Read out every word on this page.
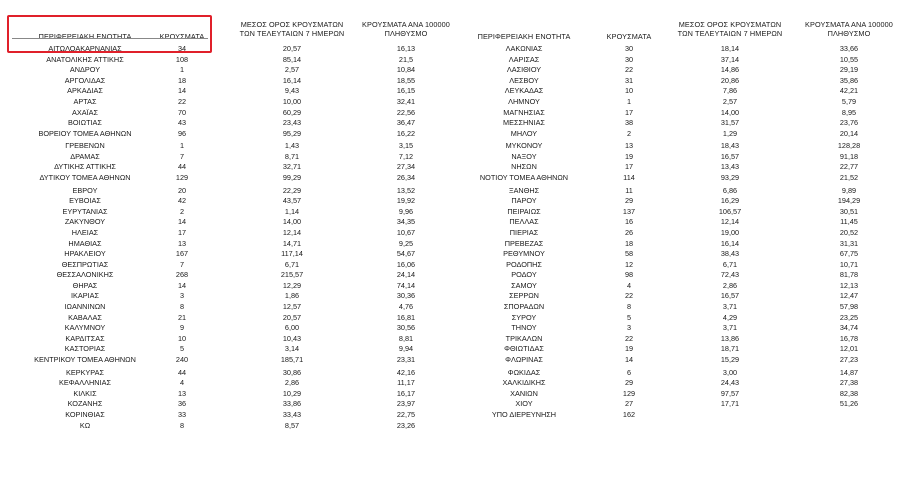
ΠΕΡΙΦΕΡΕΙΑΚΗ ΕΝΟΤΗΤΑ	ΚΡΟΥΣΜΑΤΑ
ΜΕΣΟΣ ΟΡΟΣ ΚΡΟΥΣΜΑΤΩΝ
ΤΩΝ ΤΕΛΕΥΤΑΙΩΝ 7 ΗΜΕΡΩΝ
ΚΡΟΥΣΜΑΤΑ ΑΝΑ 100000
ΠΛΗΘΥΣΜΟ	ΠΕΡΙΦΕΡΕΙΑΚΗ ΕΝΟΤΗΤΑ	ΚΡΟΥΣΜΑΤΑ
ΜΕΣΟΣ ΟΡΟΣ ΚΡΟΥΣΜΑΤΩΝ
ΤΩΝ ΤΕΛΕΥΤΑΙΩΝ 7 ΗΜΕΡΩΝ
ΚΡΟΥΣΜΑΤΑ ΑΝΑ 100000
ΠΛΗΘΥΣΜΟ
ΑΙΤΩΛΟΑΚΑΡΝΑΝΙΑΣ	34	20,57	16,13	ΛΑΚΩΝΙΑΣ	30	18,14	33,66
ΑΝΑΤΟΛΙΚΗΣ ΑΤΤΙΚΗΣ	108	85,14	21,5	ΛΑΡΙΣΑΣ	30	37,14	10,55
ΑΝΔΡΟΥ	1	2,57	10,84	ΛΑΣΙΘΙΟΥ	22	14,86	29,19
ΑΡΓΟΛΙΔΑΣ	18	16,14	18,55	ΛΕΣΒΟΥ	31	20,86	35,86
ΑΡΚΑΔΙΑΣ	14	9,43	16,15	ΛΕΥΚΑΔΑΣ	10	7,86	42,21
ΑΡΤΑΣ	22	10,00	32,41	ΛΗΜΝΟΥ	1	2,57	5,79
ΑΧΑΪΑΣ	70	60,29	22,56	ΜΑΓΝΗΣΙΑΣ	17	14,00	8,95
ΒΟΙΩΤΙΑΣ	43	23,43	36,47	ΜΕΣΣΗΝΙΑΣ	38	31,57	23,76
ΒΟΡΕΙΟΥ ΤΟΜΕΑ ΑΘΗΝΩΝ	96	95,29	16,22	ΜΗΛΟΥ	2	1,29	20,14
ΓΡΕΒΕΝΩΝ	1	1,43	3,15	ΜΥΚΟΝΟΥ	13	18,43	128,28
ΔΡΑΜΑΣ	7	8,71	7,12	ΝΑΞΟΥ	19	16,57	91,18
ΔΥΤΙΚΗΣ ΑΤΤΙΚΗΣ	44	32,71	27,34	ΝΗΣΩΝ	17	13,43	22,77
ΔΥΤΙΚΟΥ ΤΟΜΕΑ ΑΘΗΝΩΝ	129	99,29	26,34	ΝΟΤΙΟΥ ΤΟΜΕΑ ΑΘΗΝΩΝ	114	93,29	21,52
ΕΒΡΟΥ	20	22,29	13,52	ΞΑΝΘΗΣ	11	6,86	9,89
ΕΥΒΟΙΑΣ	42	43,57	19,92	ΠΑΡΟΥ	29	16,29	194,29
ΕΥΡΥΤΑΝΙΑΣ	2	1,14	9,96	ΠΕΙΡΑΙΩΣ	137	106,57	30,51
ΖΑΚΥΝΘΟΥ	14	14,00	34,35	ΠΕΛΛΑΣ	16	12,14	11,45
ΗΛΕΙΑΣ	17	12,14	10,67	ΠΙΕΡΙΑΣ	26	19,00	20,52
ΗΜΑΘΙΑΣ	13	14,71	9,25	ΠΡΕΒΕΖΑΣ	18	16,14	31,31
ΗΡΑΚΛΕΙΟΥ	167	117,14	54,67	ΡΕΘΥΜΝΟΥ	58	38,43	67,75
ΘΕΣΠΡΩΤΙΑΣ	7	6,71	16,06	ΡΟΔΟΠΗΣ	12	6,71	10,71
ΘΕΣΣΑΛΟΝΙΚΗΣ	268	215,57	24,14	ΡΟΔΟΥ	98	72,43	81,78
ΘΗΡΑΣ	14	12,29	74,14	ΣΑΜΟΥ	4	2,86	12,13
ΙΚΑΡΙΑΣ	3	1,86	30,36	ΣΕΡΡΩΝ	22	16,57	12,47
ΙΩΑΝΝΙΝΩΝ	8	12,57	4,76	ΣΠΟΡΑΔΩΝ	8	3,71	57,98
ΚΑΒΑΛΑΣ	21	20,57	16,81	ΣΥΡΟΥ	5	4,29	23,25
ΚΑΛΥΜΝΟΥ	9	6,00	30,56	ΤΗΝΟΥ	3	3,71	34,74
ΚΑΡΔΙΤΣΑΣ	10	10,43	8,81	ΤΡΙΚΑΛΩΝ	22	13,86	16,78
ΚΑΣΤΟΡΙΑΣ	5	3,14	9,94	ΦΘΙΩΤΙΔΑΣ	19	18,71	12,01
ΚΕΝΤΡΙΚΟΥ ΤΟΜΕΑ ΑΘΗΝΩΝ	240	185,71	23,31	ΦΛΩΡΙΝΑΣ	14	15,29	27,23
ΚΕΡΚΥΡΑΣ	44	30,86	42,16	ΦΩΚΙΔΑΣ	6	3,00	14,87
ΚΕΦΑΛΛΗΝΙΑΣ	4	2,86	11,17	ΧΑΛΚΙΔΙΚΗΣ	29	24,43	27,38
ΚΙΛΚΙΣ	13	10,29	16,17	ΧΑΝΙΩΝ	129	97,57	82,38
ΚΟΖΑΝΗΣ	36	33,86	23,97	ΧΙΟΥ	27	17,71	51,26
ΚΟΡΙΝΘΙΑΣ	33	33,43	22,75	ΥΠΟ ΔΙΕΡΕΥΝΗΣΗ	162
ΚΩ	8	8,57	23,26
